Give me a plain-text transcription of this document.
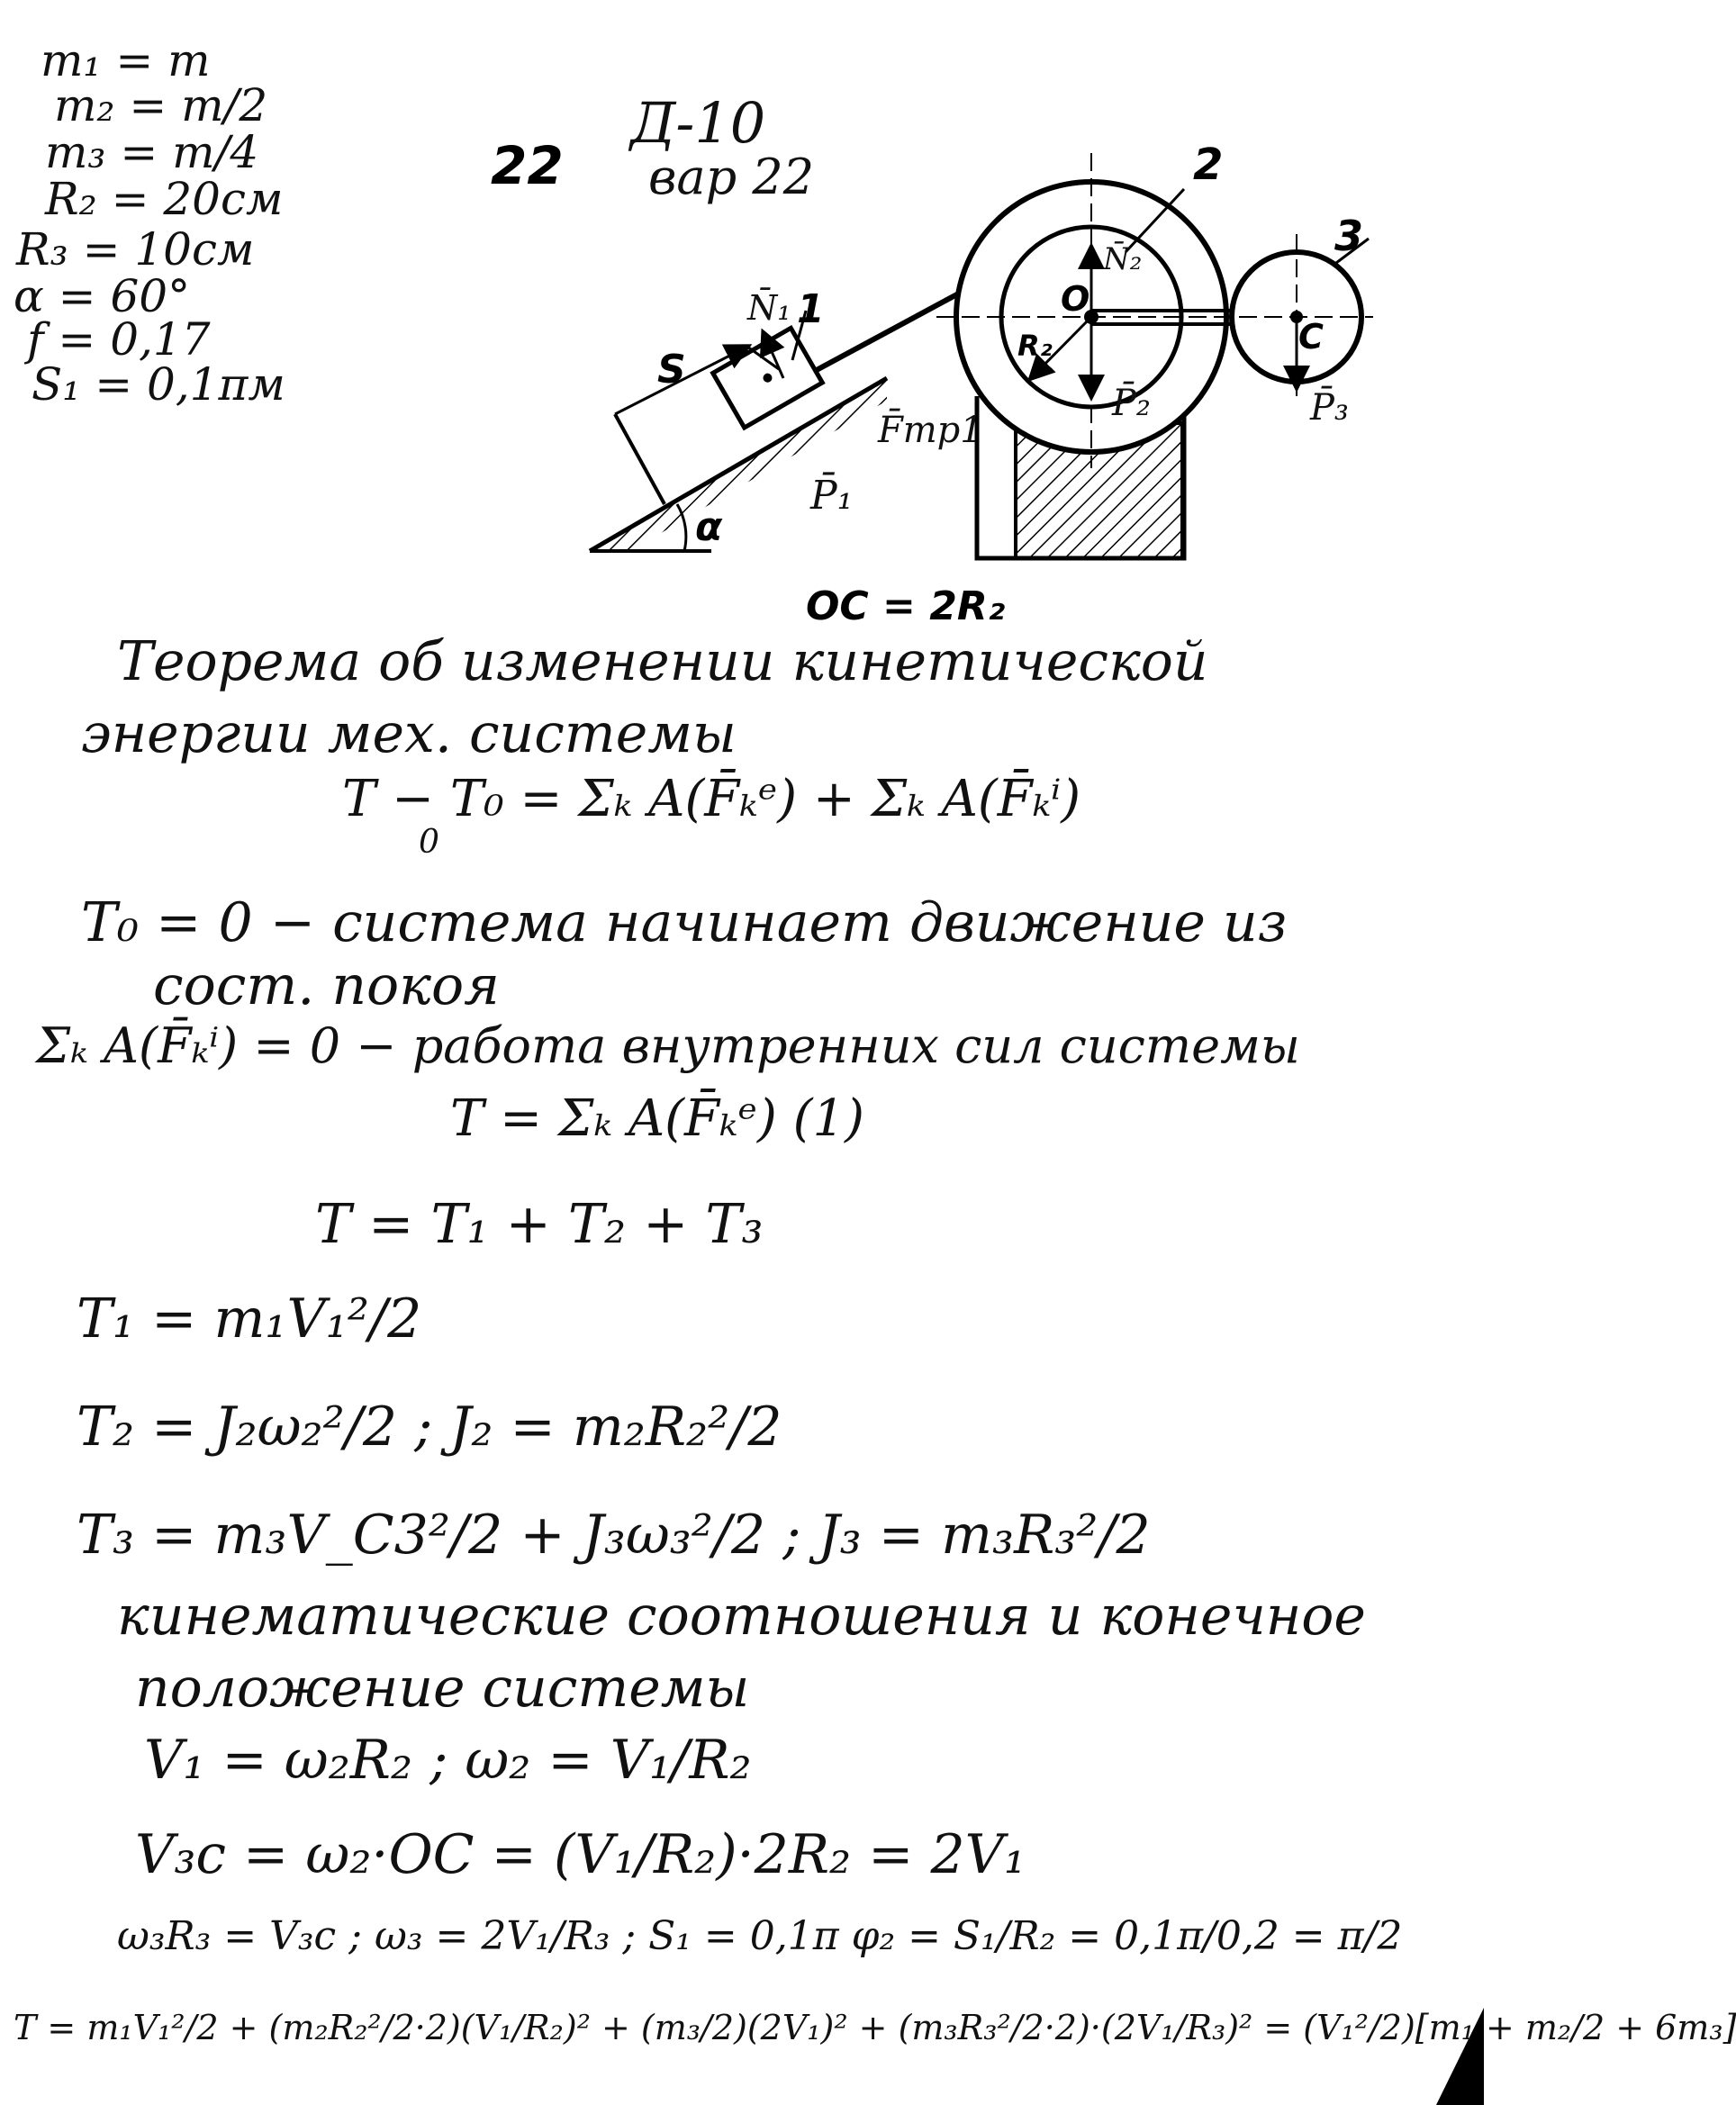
m₁ = m
m₂ = m/2
m₃ = m/4
R₂ = 20см
R₃ = 10см
α = 60°
f = 0,17
S₁ = 0,1πм
22
Д-10
вар 22
1
2
3
S
N̄₁
F̄тр1
P̄₁
α
O
C
R₂
N̄₂
P̄₂	P̄₃
OC = 2R₂
Теорема об изменении кинетической
энергии мех. системы
T − T₀ = Σₖ A(F̄ₖᵉ) + Σₖ A(F̄ₖⁱ)
0
T₀ = 0 − система начинает движение из
сост. покоя
Σₖ A(F̄ₖⁱ) = 0 − работа внутренних сил системы
T = Σₖ A(F̄ₖᵉ) (1)
T = T₁ + T₂ + T₃
T₁ = m₁V₁²/2
T₂ = J₂ω₂²/2 ; J₂ = m₂R₂²/2
T₃ = m₃V_C3²/2 + J₃ω₃²/2 ; J₃ = m₃R₃²/2
кинематические соотношения и конечное
положение системы
V₁ = ω₂R₂ ; ω₂ = V₁/R₂
V₃c = ω₂·OC = (V₁/R₂)·2R₂ = 2V₁
ω₃R₃ = V₃c ; ω₃ = 2V₁/R₃ ; S₁ = 0,1π φ₂ = S₁/R₂ = 0,1π/0,2 = π/2
T = m₁V₁²/2 + (m₂R₂²/2·2)(V₁/R₂)² + (m₃/2)(2V₁)² + (m₃R₃²/2·2)·(2V₁/R₃)² = (V₁²/2)[m₁ + m₂/2 + 6m₃]
